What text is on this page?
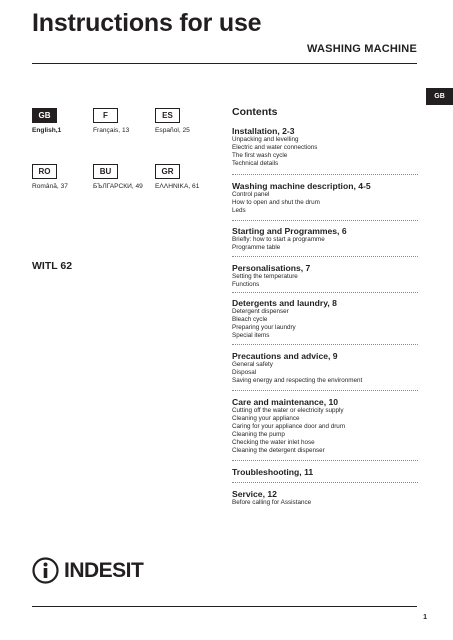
Instructions for use
WASHING MACHINE
GB
GB
English,1
F
Français, 13
ES
Español, 25
RO
Română, 37
BU
БЪЛГАРСКИ, 49
GR
ΕΛΛΗΝΙΚΑ, 61
WITL 62
Contents
Installation, 2-3
Unpacking and levelling
Electric and water connections
The first wash cycle
Technical details
Washing machine description, 4-5
Control panel
How to open and shut the drum
Leds
Starting and Programmes, 6
Briefly: how to start a programme
Programme table
Personalisations, 7
Setting the temperature
Functions
Detergents and laundry, 8
Detergent dispenser
Bleach cycle
Preparing your laundry
Special items
Precautions and advice, 9
General safety
Disposal
Saving energy and respecting the environment
Care and maintenance, 10
Cutting off the water or electricity supply
Cleaning your appliance
Caring for your appliance door and drum
Cleaning the pump
Checking the water inlet hose
Cleaning the detergent dispenser
Troubleshooting, 11
Service, 12
Before calling for Assistance
INDESIT
1
